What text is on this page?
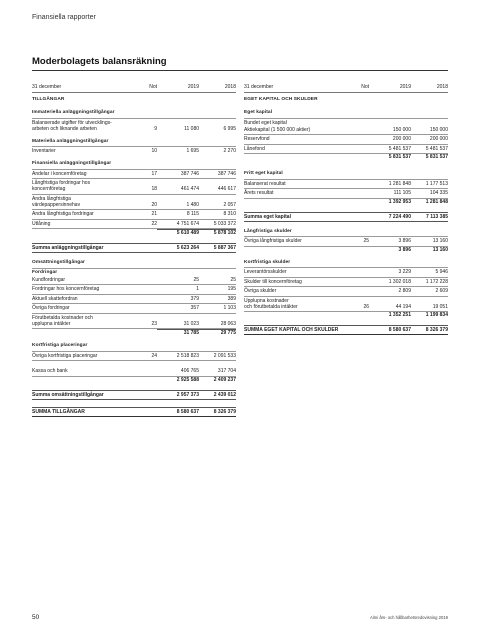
Finansiella rapporter
Moderbolagets balansräkning
31 december	Not	2019	2018
TILLGÅNGAR
Immateriella anläggningstillgångar
Balanserade utgifter för utvecklings-
arbeten och liknande arbeten	9	11 080	6 995
Materiella anläggningstillgångar
Inventarier	10	1 695	2 270
Finansiella anläggningstillgångar
Andelar i koncernföretag	17	387 746	387 746
Långfristiga fordringar hos
koncernföretag	18	461 474	446 617
Andra långfristiga
värdepappersinnehav	20	1 480	2 057
Andra långfristiga fordringar	21	8 115	8 310
Utlåning	22	4 751 674	5 033 372
5 610 489	5 878 102
Summa anläggningstillgångar	5 623 264	5 887 367
Omsättningstillgångar
Fordringar
Kundfordringar	25	25
Fordringar hos koncernföretag	1	195
Aktuell skattefordran	379	389
Övriga fordringar	357	1 103
Förutbetalda kostnader och
upplupna intäkter	23	31 023	28 063
31 785	29 775
Kortfristiga placeringar
Övriga kortfristiga placeringar	24	2 518 823	2 091 533
Kassa och bank	406 765	317 704
2 925 588	2 409 237
Summa omsättningstillgångar	2 957 373	2 439 012
SUMMA TILLGÅNGAR	8 580 637	8 326 379
31 december	Not	2019	2018
EGET KAPITAL OCH SKULDER
Eget kapital
Bundet eget kapital
Aktiekapital (1 500 000 aktier)	150 000	150 000
Reservfond	200 000	200 000
Lånefond	5 481 537	5 481 537
5 831 537	5 831 537
Fritt eget kapital
Balanserat resultat	1 281 848	1 177 513
Årets resultat	111 105	104 335
1 392 953	1 281 848
Summa eget kapital	7 224 490	7 113 385
Långfristiga skulder
Övriga långfristiga skulder	25	3 896	13 160
3 896	13 160
Kortfristiga skulder
Leverantörsskulder	3 229	5 946
Skulder till koncernföretag	1 302 018	1 172 228
Övriga skulder	2 809	2 609
Upplupna kostnader
och förutbetalda intäkter	26	44 194	19 051
1 352 251	1 199 834
SUMMA EGET KAPITAL OCH SKULDER	8 580 637	8 326 379
50	Almi års- och hållbarhetsredovisning 2019
